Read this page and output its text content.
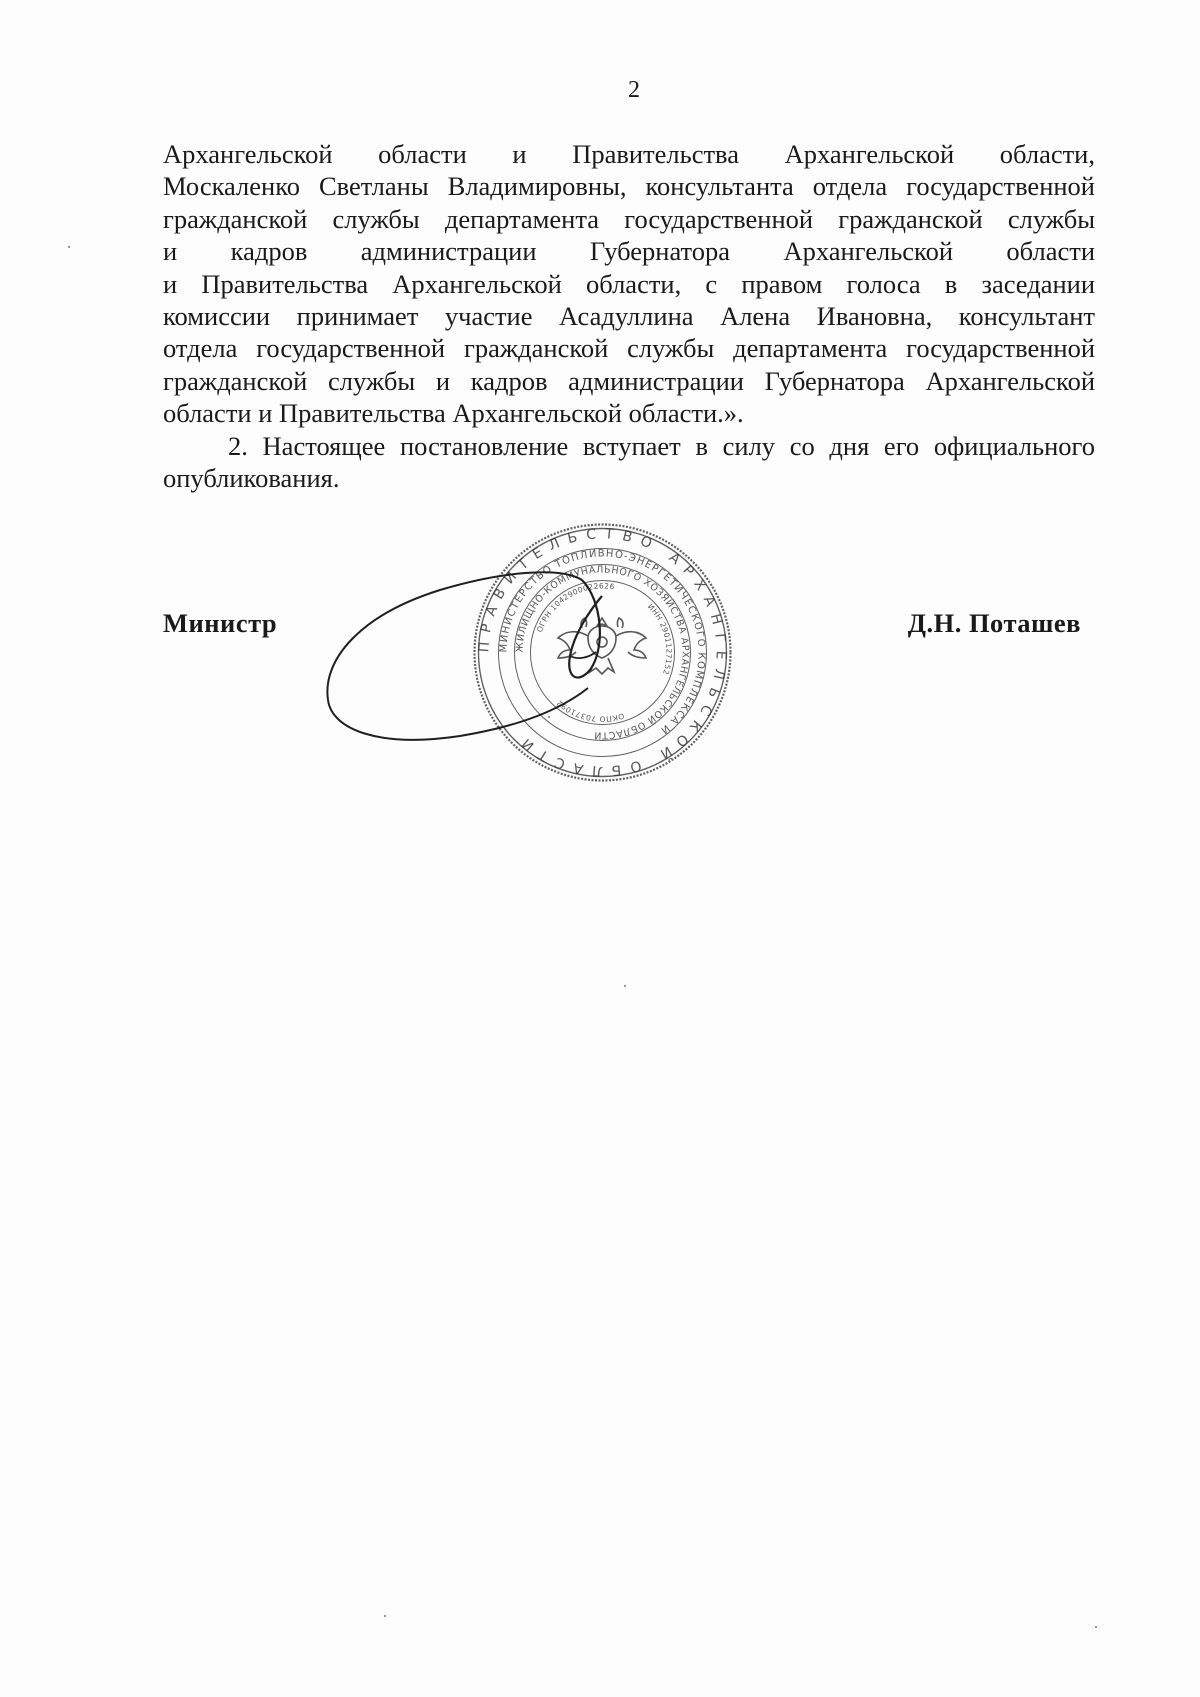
2
Архангельской области и Правительства Архангельской области,
Москаленко Светланы Владимировны, консультанта отдела государственной
гражданской службы департамента государственной гражданской службы
и кадров администрации Губернатора Архангельской области
и Правительства Архангельской области, с правом голоса в заседании
комиссии принимает участие Асадуллина Алена Ивановна, консультант
отдела государственной гражданской службы департамента государственной
гражданской службы и кадров администрации Губернатора Архангельской
области и Правительства Архангельской области.».
2. Настоящее постановление вступает в силу со дня его официального
опубликования.
Министр	Д.Н. Поташев
ПРАВИТЕЛЬСТВО АРХАНГЕЛЬСКОЙ ОБЛАСТИ
МИНИСТЕРСТВО ТОПЛИВНО-ЭНЕРГЕТИЧЕСКОГО КОМПЛЕКСА И
ЖИЛИЩНО-КОММУНАЛЬНОГО ХОЗЯЙСТВА АРХАНГЕЛЬСКОЙ ОБЛАСТИ
ОГРН 1042900022626
ИНН 2901127152
ОКПО 70371092
